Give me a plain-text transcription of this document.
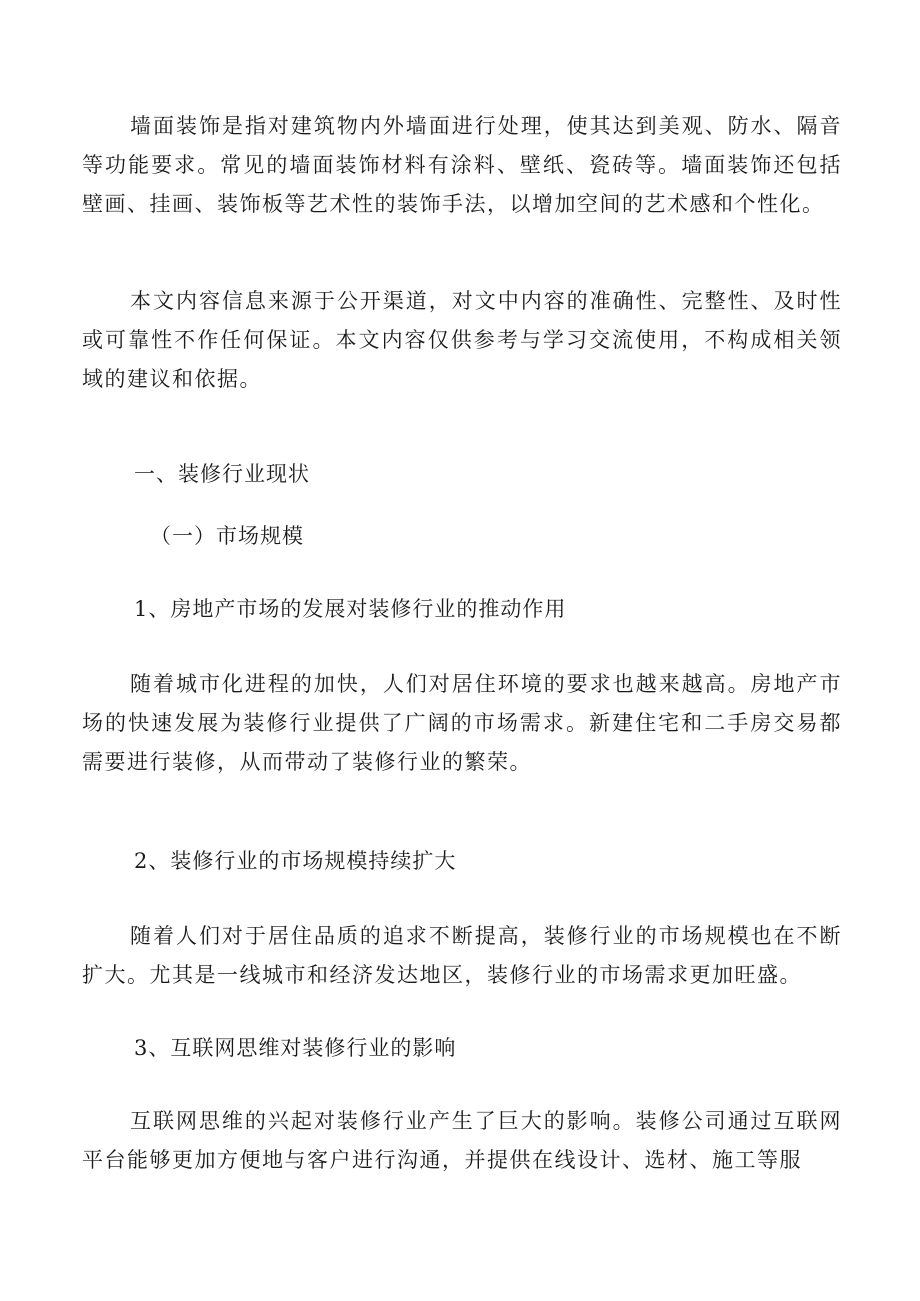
墙面装饰是指对建筑物内外墙面进行处理，使其达到美观、防水、隔音等功能要求。常见的墙面装饰材料有涂料、壁纸、瓷砖等。墙面装饰还包括壁画、挂画、装饰板等艺术性的装饰手法，以增加空间的艺术感和个性化。

本文内容信息来源于公开渠道，对文中内容的准确性、完整性、及时性或可靠性不作任何保证。本文内容仅供参考与学习交流使用，不构成相关领域的建议和依据。

一、装修行业现状

（一）市场规模

1、房地产市场的发展对装修行业的推动作用

随着城市化进程的加快，人们对居住环境的要求也越来越高。房地产市场的快速发展为装修行业提供了广阔的市场需求。新建住宅和二手房交易都需要进行装修，从而带动了装修行业的繁荣。

2、装修行业的市场规模持续扩大

随着人们对于居住品质的追求不断提高，装修行业的市场规模也在不断扩大。尤其是一线城市和经济发达地区，装修行业的市场需求更加旺盛。

3、互联网思维对装修行业的影响

互联网思维的兴起对装修行业产生了巨大的影响。装修公司通过互联网平台能够更加方便地与客户进行沟通，并提供在线设计、选材、施工等服
